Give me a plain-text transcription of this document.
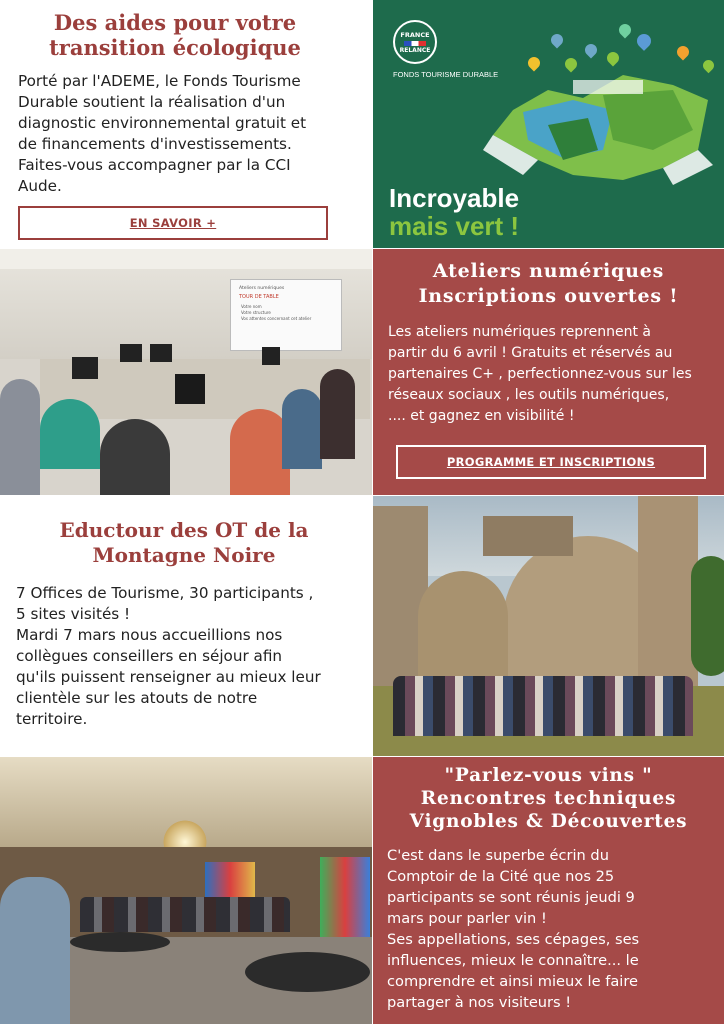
Des aides pour votre
transition écologique

Porté par l'ADEME, le Fonds Tourisme
Durable soutient la réalisation d'un
diagnostic environnemental gratuit et
de financements d'investissements.
Faites-vous accompagner par la CCI
Aude.

EN SAVOIR +
FRANCE
RELANCE
FONDS TOURISME DURABLE
Incroyable
mais vert !
Ateliers numériques
TOUR DE TABLE
Votre nom
Votre structure
Vos attentes concernant cet atelier
Ateliers numériques
Inscriptions ouvertes !

Les ateliers numériques reprennent à
partir du 6 avril ! Gratuits et réservés au
partenaires C+ , perfectionnez-vous sur les
réseaux sociaux , les outils numériques,
.... et gagnez en visibilité !

PROGRAMME ET INSCRIPTIONS
Eductour des OT de la
Montagne Noire

7 Offices de Tourisme, 30 participants ,
5 sites visités !
Mardi 7 mars nous accueillions nos
collègues conseillers en séjour afin
qu'ils puissent renseigner au mieux leur
clientèle sur les atouts de notre
territoire.

"Parlez-vous vins "
Rencontres techniques
Vignobles & Découvertes

C'est dans le superbe écrin du
Comptoir de la Cité que nos 25
participants se sont réunis jeudi 9
mars pour parler vin !
Ses appellations, ses cépages, ses
influences, mieux le connaître... le
comprendre et ainsi mieux le faire
partager à nos visiteurs !
